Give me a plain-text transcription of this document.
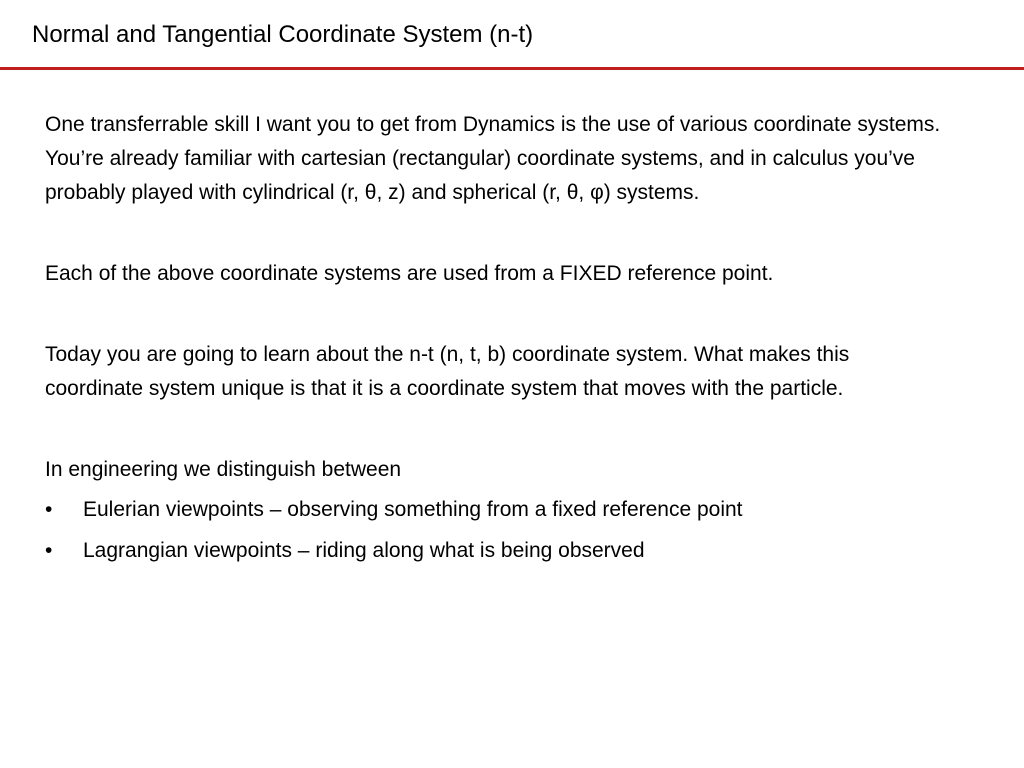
Normal and Tangential Coordinate System (n-t)

One transferrable skill I want you to get from Dynamics is the use of various coordinate systems. You’re already familiar with cartesian (rectangular) coordinate systems, and in calculus you’ve probably played with cylindrical (r, θ, z) and spherical (r, θ, φ) systems.

Each of the above coordinate systems are used from a FIXED reference point.

Today you are going to learn about the n-t (n, t, b) coordinate system. What makes this coordinate system unique is that it is a coordinate system that moves with the particle.

In engineering we distinguish between

•	Eulerian viewpoints – observing something from a fixed reference point
•	Lagrangian viewpoints – riding along what is being observed
